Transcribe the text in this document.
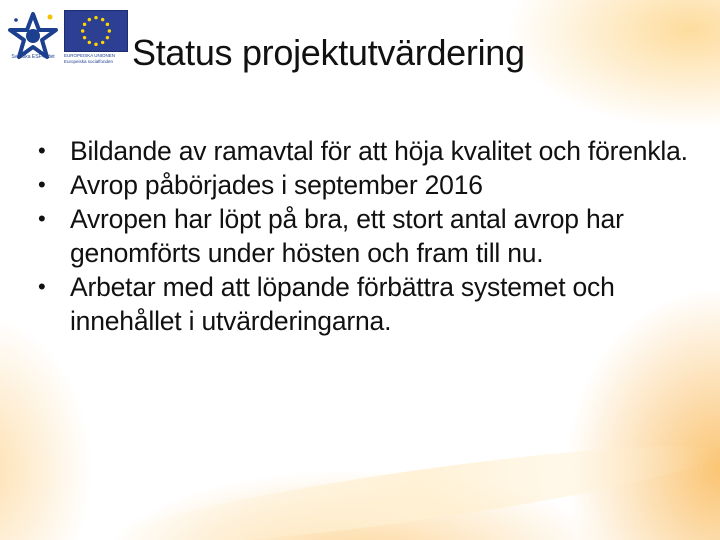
Svenska ESF-rådet	EUROPEISKA UNIONEN
Europeiska socialfonden Status projektutvärdering
• Bildande av ramavtal för att höja kvalitet och förenkla.
• Avrop påbörjades i september 2016
• Avropen har löpt på bra, ett stort antal avrop har genomförts under hösten och fram till nu.
• Arbetar med att löpande förbättra systemet och innehållet i utvärderingarna.
